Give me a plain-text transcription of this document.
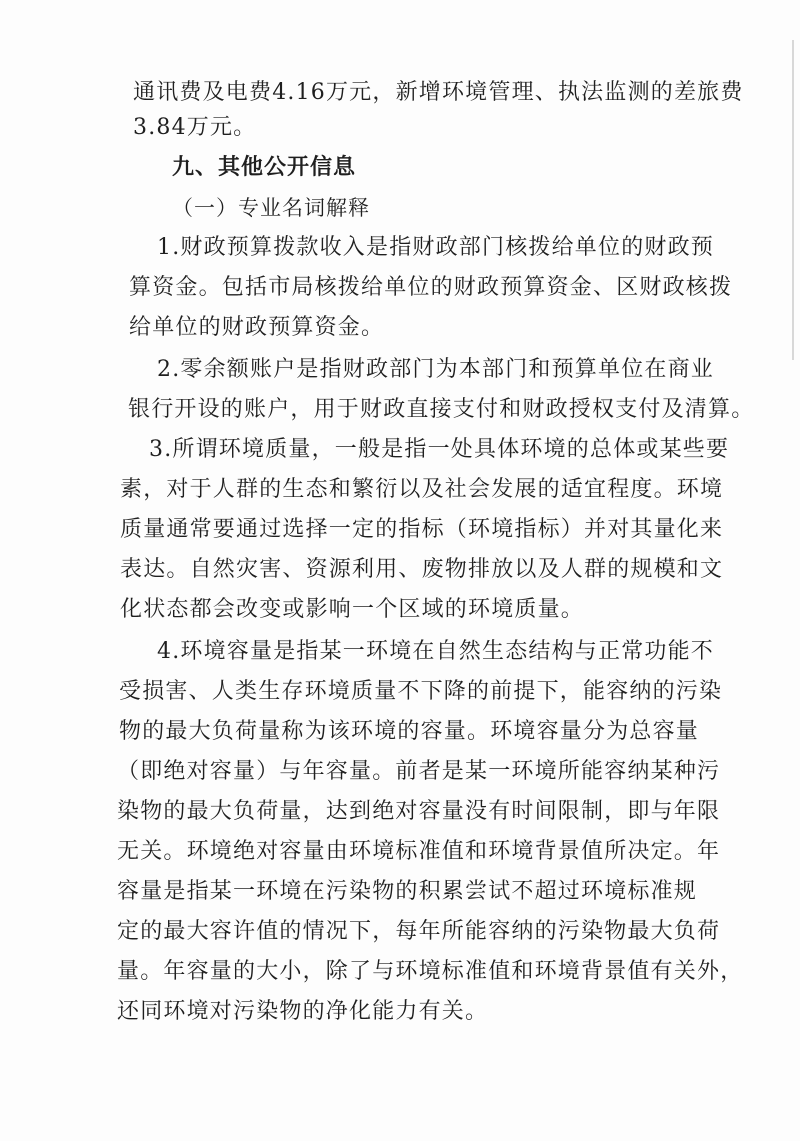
通讯费及电费4.16万元，新增环境管理、执法监测的差旅费
3.84万元。
九、其他公开信息
（一）专业名词解释
1.财政预算拨款收入是指财政部门核拨给单位的财政预
算资金。包括市局核拨给单位的财政预算资金、区财政核拨
给单位的财政预算资金。
2.零余额账户是指财政部门为本部门和预算单位在商业
银行开设的账户，用于财政直接支付和财政授权支付及清算。
3.所谓环境质量，一般是指一处具体环境的总体或某些要
素，对于人群的生态和繁衍以及社会发展的适宜程度。环境
质量通常要通过选择一定的指标（环境指标）并对其量化来
表达。自然灾害、资源利用、废物排放以及人群的规模和文
化状态都会改变或影响一个区域的环境质量。
4.环境容量是指某一环境在自然生态结构与正常功能不
受损害、人类生存环境质量不下降的前提下，能容纳的污染
物的最大负荷量称为该环境的容量。环境容量分为总容量
（即绝对容量）与年容量。前者是某一环境所能容纳某种污
染物的最大负荷量，达到绝对容量没有时间限制，即与年限
无关。环境绝对容量由环境标准值和环境背景值所决定。年
容量是指某一环境在污染物的积累尝试不超过环境标准规
定的最大容许值的情况下，每年所能容纳的污染物最大负荷
量。年容量的大小，除了与环境标准值和环境背景值有关外，
还同环境对污染物的净化能力有关。
